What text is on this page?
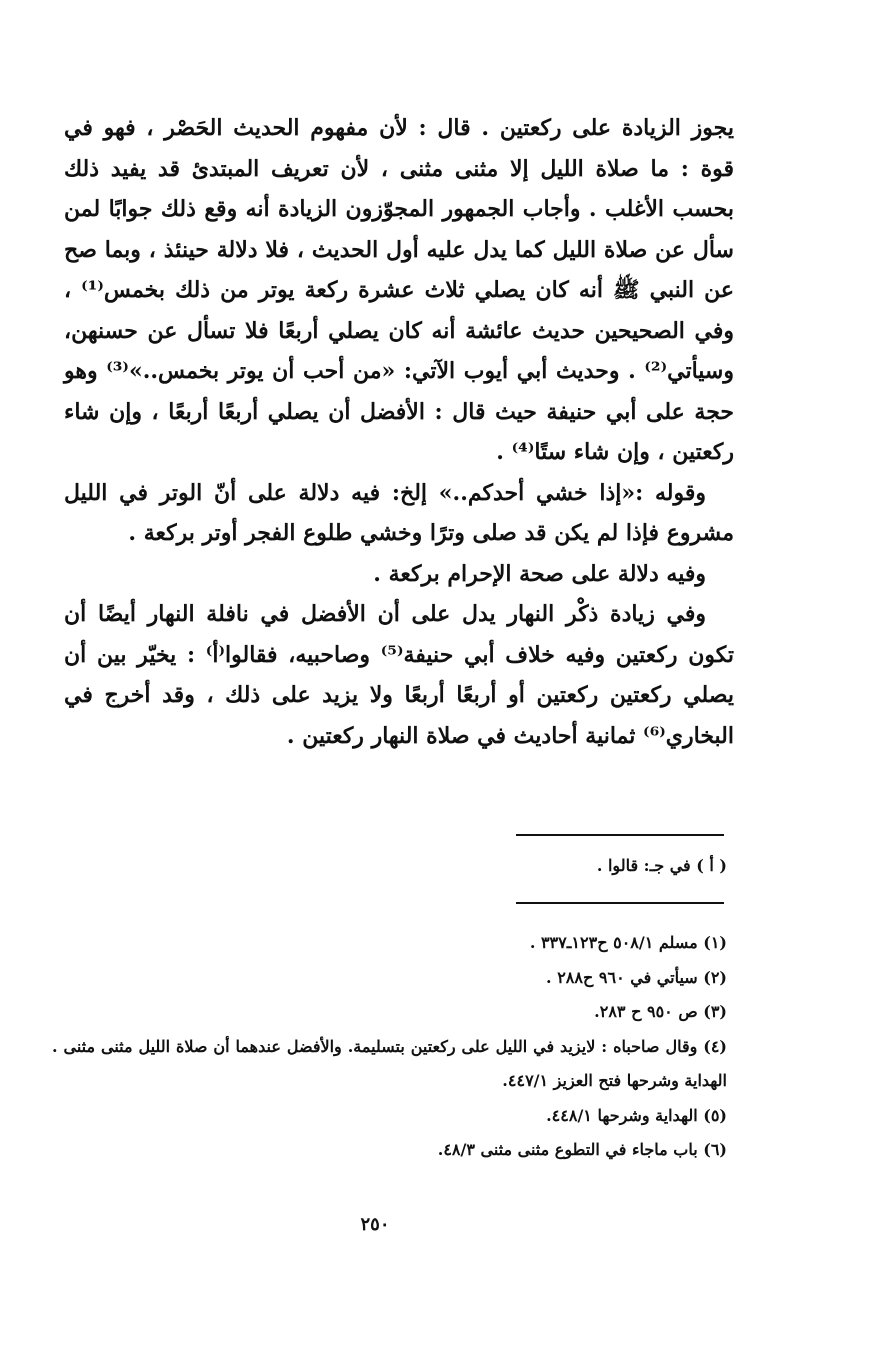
يجوز الزيادة على ركعتين . قال : لأن مفهوم الحديث الحَصْر ، فهو في قوة : ما صلاة الليل إلا مثنى مثنى ، لأن تعريف المبتدئ قد يفيد ذلك بحسب الأغلب . وأجاب الجمهور المجوّزون الزيادة أنه وقع ذلك جوابًا لمن سأل عن صلاة الليل كما يدل عليه أول الحديث ، فلا دلالة حينئذ ، وبما صح عن النبي ﷺ أنه كان يصلي ثلاث عشرة ركعة يوتر من ذلك بخمس⁽¹⁾ ، وفي الصحيحين حديث عائشة أنه كان يصلي أربعًا فلا تسأل عن حسنهن، وسيأتي⁽²⁾ . وحديث أبي أيوب الآتي: «من أحب أن يوتر بخمس..»⁽³⁾ وهو حجة على أبي حنيفة حيث قال : الأفضل أن يصلي أربعًا أربعًا ، وإن شاء ركعتين ، وإن شاء ستًا⁽⁴⁾ .

وقوله :«إذا خشي أحدكم..» إلخ: فيه دلالة على أنّ الوتر في الليل مشروع فإذا لم يكن قد صلى وترًا وخشي طلوع الفجر أوتر بركعة .

وفيه دلالة على صحة الإحرام بركعة .

وفي زيادة ذكْر النهار يدل على أن الأفضل في نافلة النهار أيضًا أن تكون ركعتين وفيه خلاف أبي حنيفة⁽⁵⁾ وصاحبيه، فقالوا⁽أ⁾ : يخيّر بين أن يصلي ركعتين ركعتين أو أربعًا أربعًا ولا يزيد على ذلك ، وقد أخرج في البخاري⁽⁶⁾ ثمانية أحاديث في صلاة النهار ركعتين .

( أ ) في جـ: قالوا .

(١) مسلم ٥٠٨/١ ح١٢٣ـ٣٣٧ .

(٢) سيأتي في ٩٦٠ ح٢٨٨ .

(٣) ص ٩٥٠ ح ٢٨٣.

(٤) وقال صاحباه : لايزيد في الليل على ركعتين بتسليمة. والأفضل عندهما أن صلاة الليل مثنى مثنى . الهداية وشرحها فتح العزيز ٤٤٧/١.

(٥) الهداية وشرحها ٤٤٨/١.

(٦) باب ماجاء في التطوع مثنى مثنى ٤٨/٣.

٢٥٠
